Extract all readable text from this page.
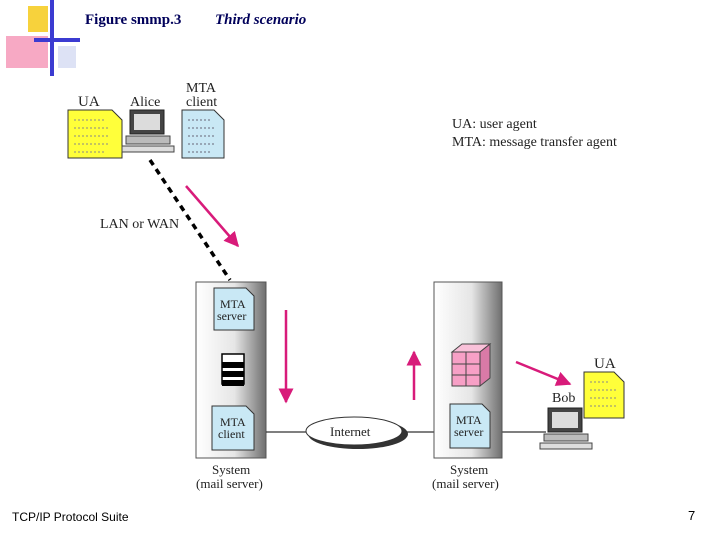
Figure smmp.3 Third scenario
UA Alice
MTA
client
UA: user agent
MTA: message transfer agent
LAN or WAN
MTA
server
MTA
client
System
(mail server)
Internet
MTA
server
System
(mail server)
UA
Bob
TCP/IP Protocol Suite	7
